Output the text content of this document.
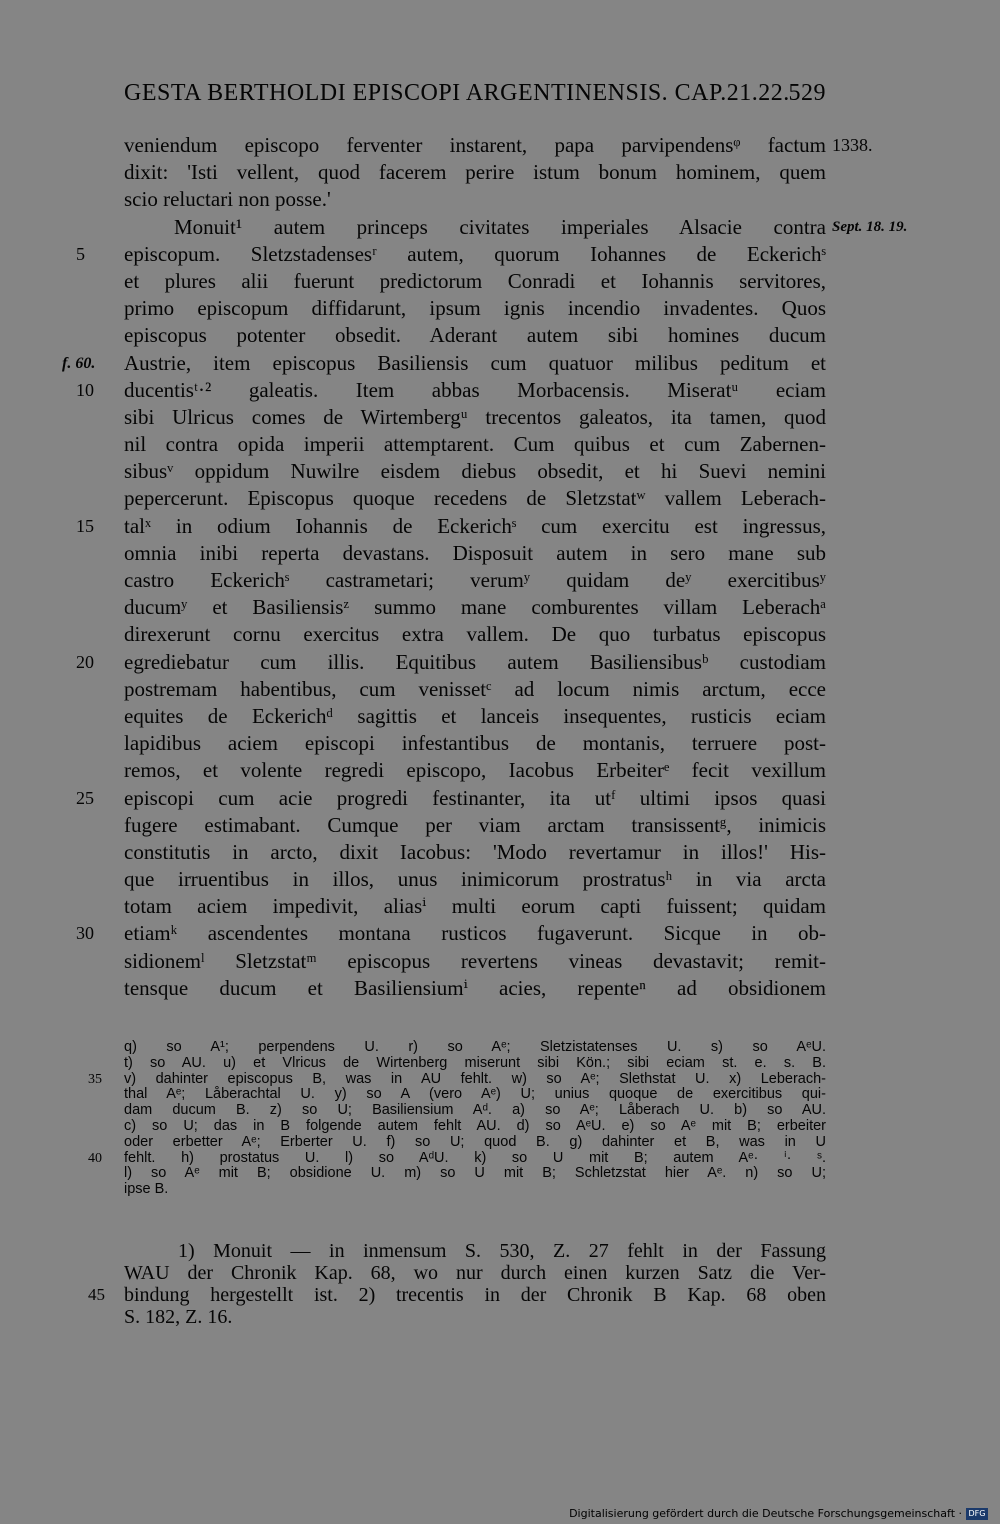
GESTA BERTHOLDI EPISCOPI ARGENTINENSIS. CAP.21.22.
529
veniendum episcopo ferventer instarent, papa parvipendensᵠ factum 1338.
dixit: 'Isti vellent, quod facerem perire istum bonum hominem, quem
scio reluctari non posse.'
Monuit¹ autem princeps civitates imperiales Alsacie contra Sept. 18. 19.
episcopum. Sletzstadensesʳ autem, quorum Iohannes de Eckerichˢ
5
et plures alii fuerunt predictorum Conradi et Iohannis servitores,
primo episcopum diffidarunt, ipsum ignis incendio invadentes. Quos
episcopus potenter obsedit. Aderant autem sibi homines ducum
Austrie, item episcopus Basiliensis cum quatuor milibus peditum et
f. 60.
ducentisᵗ·² galeatis. Item abbas Morbacensis. Miseratᵘ eciam
10
sibi Ulricus comes de Wirtembergᵘ trecentos galeatos, ita tamen, quod
nil contra opida imperii attemptarent. Cum quibus et cum Zabernen-
sibusᵛ oppidum Nuwilre eisdem diebus obsedit, et hi Suevi nemini
pepercerunt. Episcopus quoque recedens de Sletzstatʷ vallem Leberach-
talˣ in odium Iohannis de Eckerichˢ cum exercitu est ingressus,
15
omnia inibi reperta devastans. Disposuit autem in sero mane sub
castro Eckerichˢ castrametari; verumʸ quidam deʸ exercitibusʸ
ducumʸ et Basiliensisᶻ summo mane comburentes villam Leberachᵃ
direxerunt cornu exercitus extra vallem. De quo turbatus episcopus
egrediebatur cum illis. Equitibus autem Basiliensibusᵇ custodiam
20
postremam habentibus, cum venissetᶜ ad locum nimis arctum, ecce
equites de Eckerichᵈ sagittis et lanceis insequentes, rusticis eciam
lapidibus aciem episcopi infestantibus de montanis, terruere post-
remos, et volente regredi episcopo, Iacobus Erbeiterᵉ fecit vexillum
episcopi cum acie progredi festinanter, ita utᶠ ultimi ipsos quasi
25
fugere estimabant. Cumque per viam arctam transissentᵍ, inimicis
constitutis in arcto, dixit Iacobus: 'Modo revertamur in illos!' His-
que irruentibus in illos, unus inimicorum prostratusʰ in via arcta
totam aciem impedivit, aliasⁱ multi eorum capti fuissent; quidam
etiamᵏ ascendentes montana rusticos fugaverunt. Sicque in ob-
30
sidionemˡ Sletzstatᵐ episcopus revertens vineas devastavit; remit-
tensque ducum et Basiliensiumⁱ acies, repenteⁿ ad obsidionem
q) so A¹; perpendens U. r) so Aᵉ; Sletzistatenses U. s) so AᵉU.
t) so AU. u) et Vlricus de Wirtenberg miserunt sibi Kön.; sibi eciam st. e. s. B.
v) dahinter episcopus B, was in AU fehlt. w) so Aᵉ; Slethstat U. x) Leberach-
35
thal Aᵉ; Låberachtal U. y) so A (vero Aᵉ) U; unius quoque de exercitibus qui-
dam ducum B. z) so U; Basiliensium Aᵈ. a) so Aᵉ; Låberach U. b) so AU.
c) so U; das in B folgende autem fehlt AU. d) so AᵉU. e) so Aᵉ mit B; erbeiter
oder erbetter Aᵉ; Erberter U. f) so U; quod B. g) dahinter et B, was in U
fehlt. h) prostatus U. l) so AᵈU. k) so U mit B; autem Aᵉ· ⁱ· ˢ.
40
l) so Aᵉ mit B; obsidione U. m) so U mit B; Schletzstat hier Aᵉ. n) so U;
ipse B.
1) Monuit — in inmensum S. 530, Z. 27 fehlt in der Fassung
WAU der Chronik Kap. 68, wo nur durch einen kurzen Satz die Ver-
bindung hergestellt ist. 2) trecentis in der Chronik B Kap. 68 oben
45
S. 182, Z. 16.
Digitalisierung gefördert durch die Deutsche Forschungsgemeinschaft · DFG
